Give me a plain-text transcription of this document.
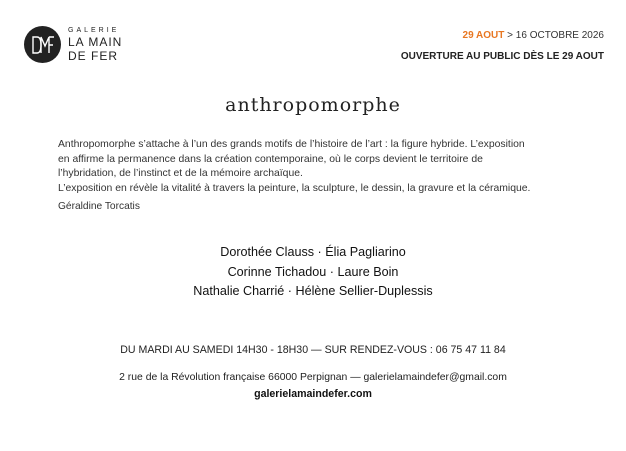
GALERIE
LA MAIN
DE FER
29 AOUT > 16 OCTOBRE 2026
OUVERTURE AU PUBLIC DÈS LE 29 AOUT
anthropomorphe
Anthropomorphe s’attache à l’un des grands motifs de l’histoire de l’art : la figure hybride. L’exposition
en affirme la permanence dans la création contemporaine, où le corps devient le territoire de
l’hybridation, de l’instinct et de la mémoire archaïque.
L’exposition en révèle la vitalité à travers la peinture, la sculpture, le dessin, la gravure et la céramique.
Géraldine Torcatis
Dorothée Clauss · Élia Pagliarino
Corinne Tichadou · Laure Boin
Nathalie Charrié · Hélène Sellier-Duplessis
DU MARDI AU SAMEDI 14H30 - 18H30 — SUR RENDEZ-VOUS : 06 75 47 11 84
2 rue de la Révolution française 66000 Perpignan — galerielamaindefer@gmail.com
galerielamaindefer.com
